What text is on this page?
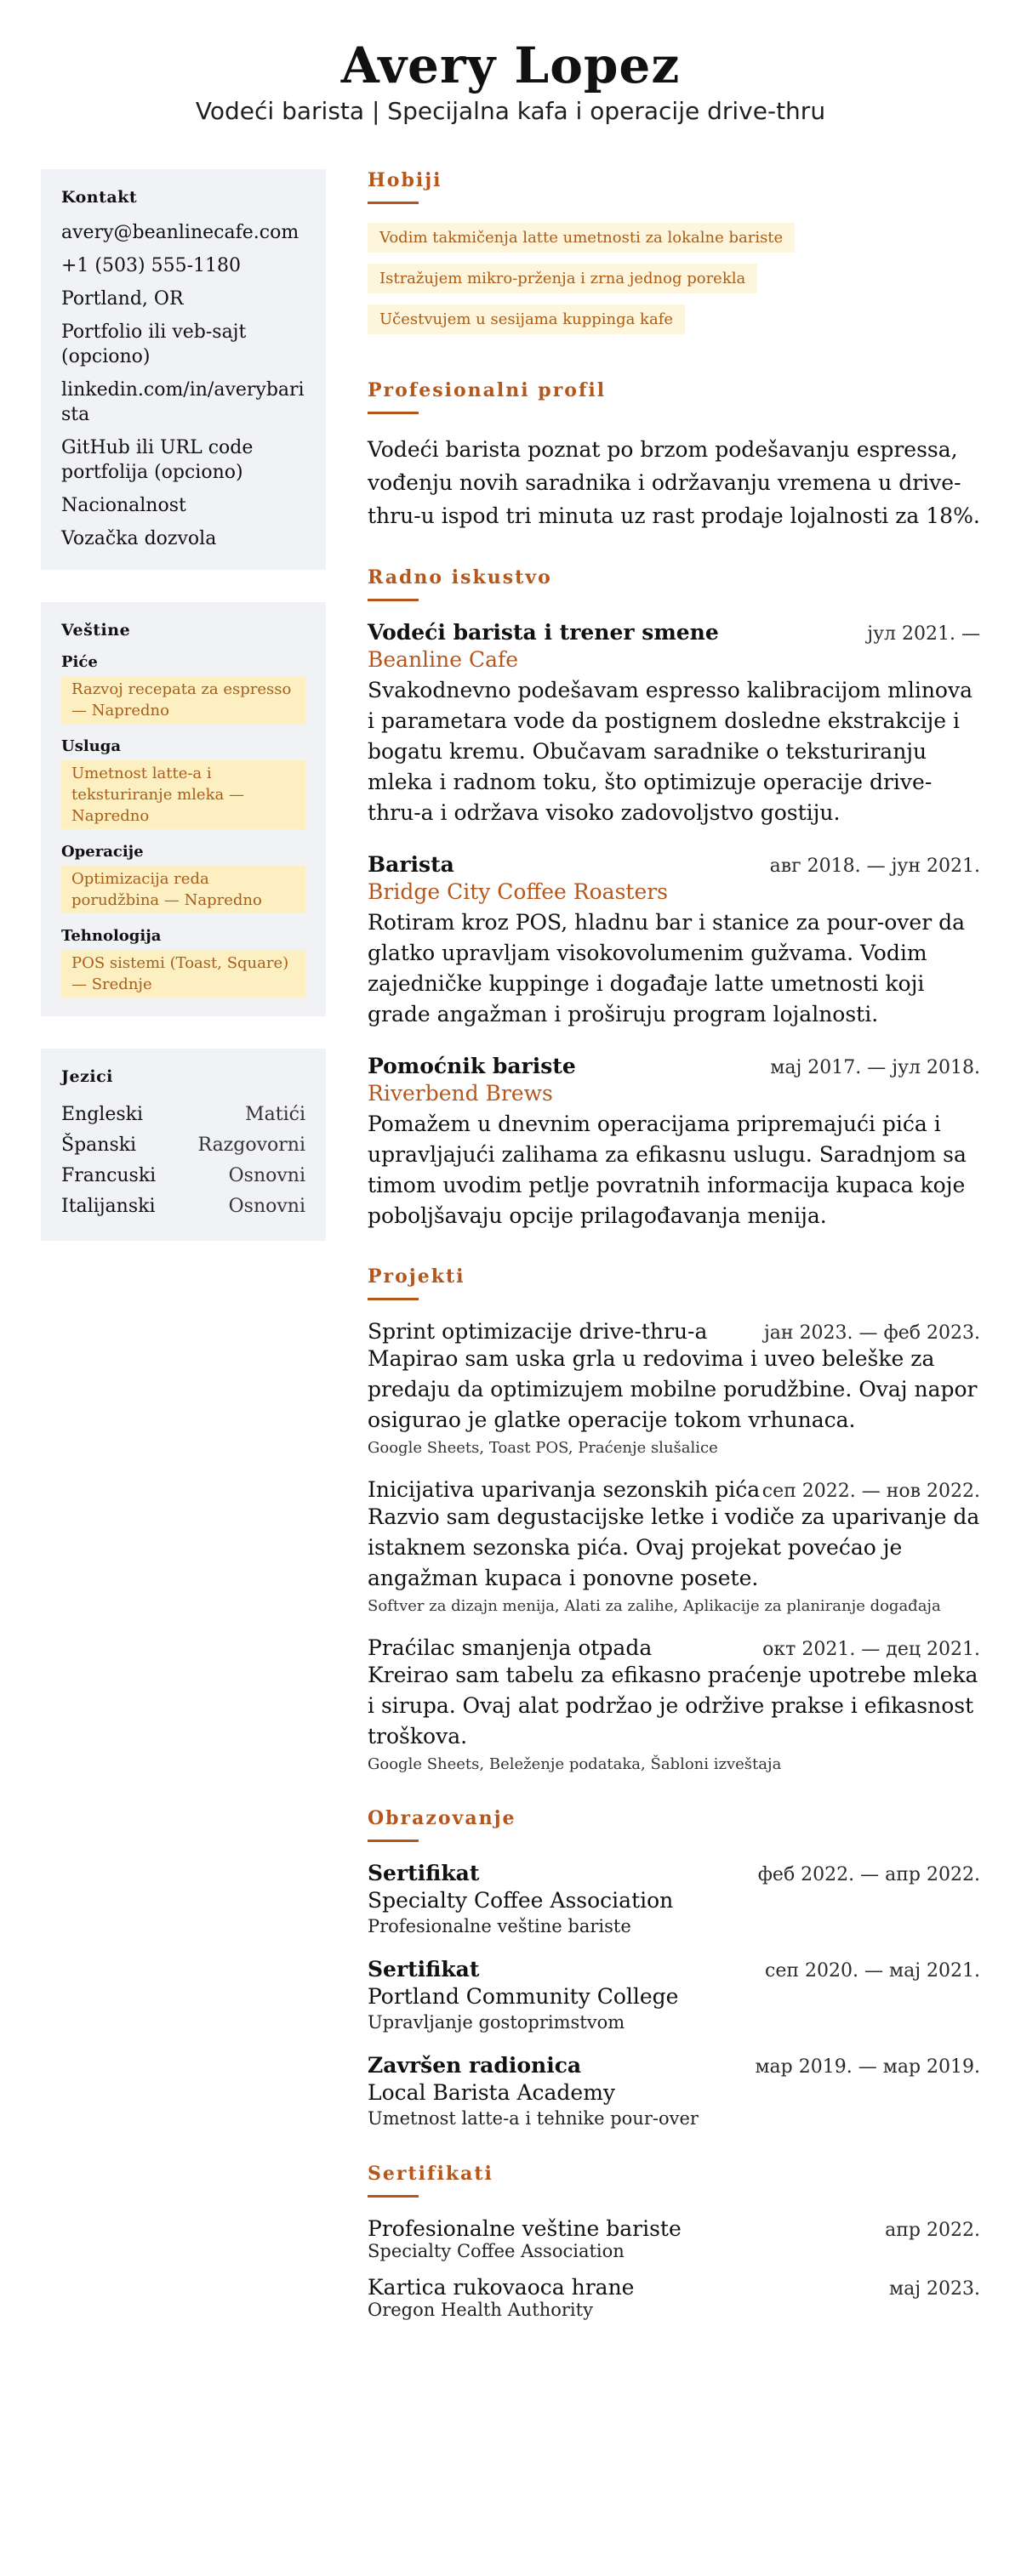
Avery Lopez
Vodeći barista | Specijalna kafa i operacije drive-thru
Kontakt
avery@beanlinecafe.com
+1 (503) 555-1180
Portland, OR
Portfolio ili veb-sajt (opciono)
linkedin.com/in/averybarista
GitHub ili URL code portfolija (opciono)
Nacionalnost
Vozačka dozvola
Veštine
Piće
Razvoj recepata za espresso — Napredno
Usluga
Umetnost latte-a i teksturiranje mleka — Napredno
Operacije
Optimizacija reda porudžbina — Napredno
Tehnologija
POS sistemi (Toast, Square) — Srednje
Jezici
Engleski	Matići
Španski	Razgovorni
Francuski	Osnovni
Italijanski	Osnovni
Hobiji
Vodim takmičenja latte umetnosti za lokalne bariste
Istražujem mikro-prženja i zrna jednog porekla
Učestvujem u sesijama kuppinga kafe
Profesionalni profil
Vodeći barista poznat po brzom podešavanju espressa, vođenju novih saradnika i održavanju vremena u drive-thru-u ispod tri minuta uz rast prodaje lojalnosti za 18%.
Radno iskustvo
Vodeći barista i trener smene	јул 2021. —
Beanline Cafe
Svakodnevno podešavam espresso kalibracijom mlinova i parametara vode da postignem dosledne ekstrakcije i bogatu kremu. Obučavam saradnike o teksturiranju mleka i radnom toku, što optimizuje operacije drive-thru-a i održava visoko zadovoljstvo gostiju.
Barista	авг 2018. — јун 2021.
Bridge City Coffee Roasters
Rotiram kroz POS, hladnu bar i stanice za pour-over da glatko upravljam visokovolumenim gužvama. Vodim zajedničke kuppinge i događaje latte umetnosti koji grade angažman i proširuju program lojalnosti.
Pomoćnik bariste	мај 2017. — јул 2018.
Riverbend Brews
Pomažem u dnevnim operacijama pripremajući pića i upravljajući zalihama za efikasnu uslugu. Saradnjom sa timom uvodim petlje povratnih informacija kupaca koje poboljšavaju opcije prilagođavanja menija.
Projekti
Sprint optimizacije drive-thru-a	јан 2023. — феб 2023.
Mapirao sam uska grla u redovima i uveo beleške za predaju da optimizujem mobilne porudžbine. Ovaj napor osigurao je glatke operacije tokom vrhunaca.
Google Sheets, Toast POS, Praćenje slušalice
Inicijativa uparivanja sezonskih pića сеп 2022. — нов 2022.
Razvio sam degustacijske letke i vodiče za uparivanje da istaknem sezonska pića. Ovaj projekat povećao je angažman kupaca i ponovne posete.
Softver za dizajn menija, Alati za zalihe, Aplikacije za planiranje događaja
Praćilac smanjenja otpada	окт 2021. — дец 2021.
Kreirao sam tabelu za efikasno praćenje upotrebe mleka i sirupa. Ovaj alat podržao je održive prakse i efikasnost troškova.
Google Sheets, Beleženje podataka, Šabloni izveštaja
Obrazovanje
Sertifikat	феб 2022. — апр 2022.
Specialty Coffee Association
Profesionalne veštine bariste
Sertifikat	сеп 2020. — мај 2021.
Portland Community College
Upravljanje gostoprimstvom
Završen radionica	мар 2019. — мар 2019.
Local Barista Academy
Umetnost latte-a i tehnike pour-over
Sertifikati
Profesionalne veštine bariste	апр 2022.
Specialty Coffee Association
Kartica rukovaoca hrane	мај 2023.
Oregon Health Authority
